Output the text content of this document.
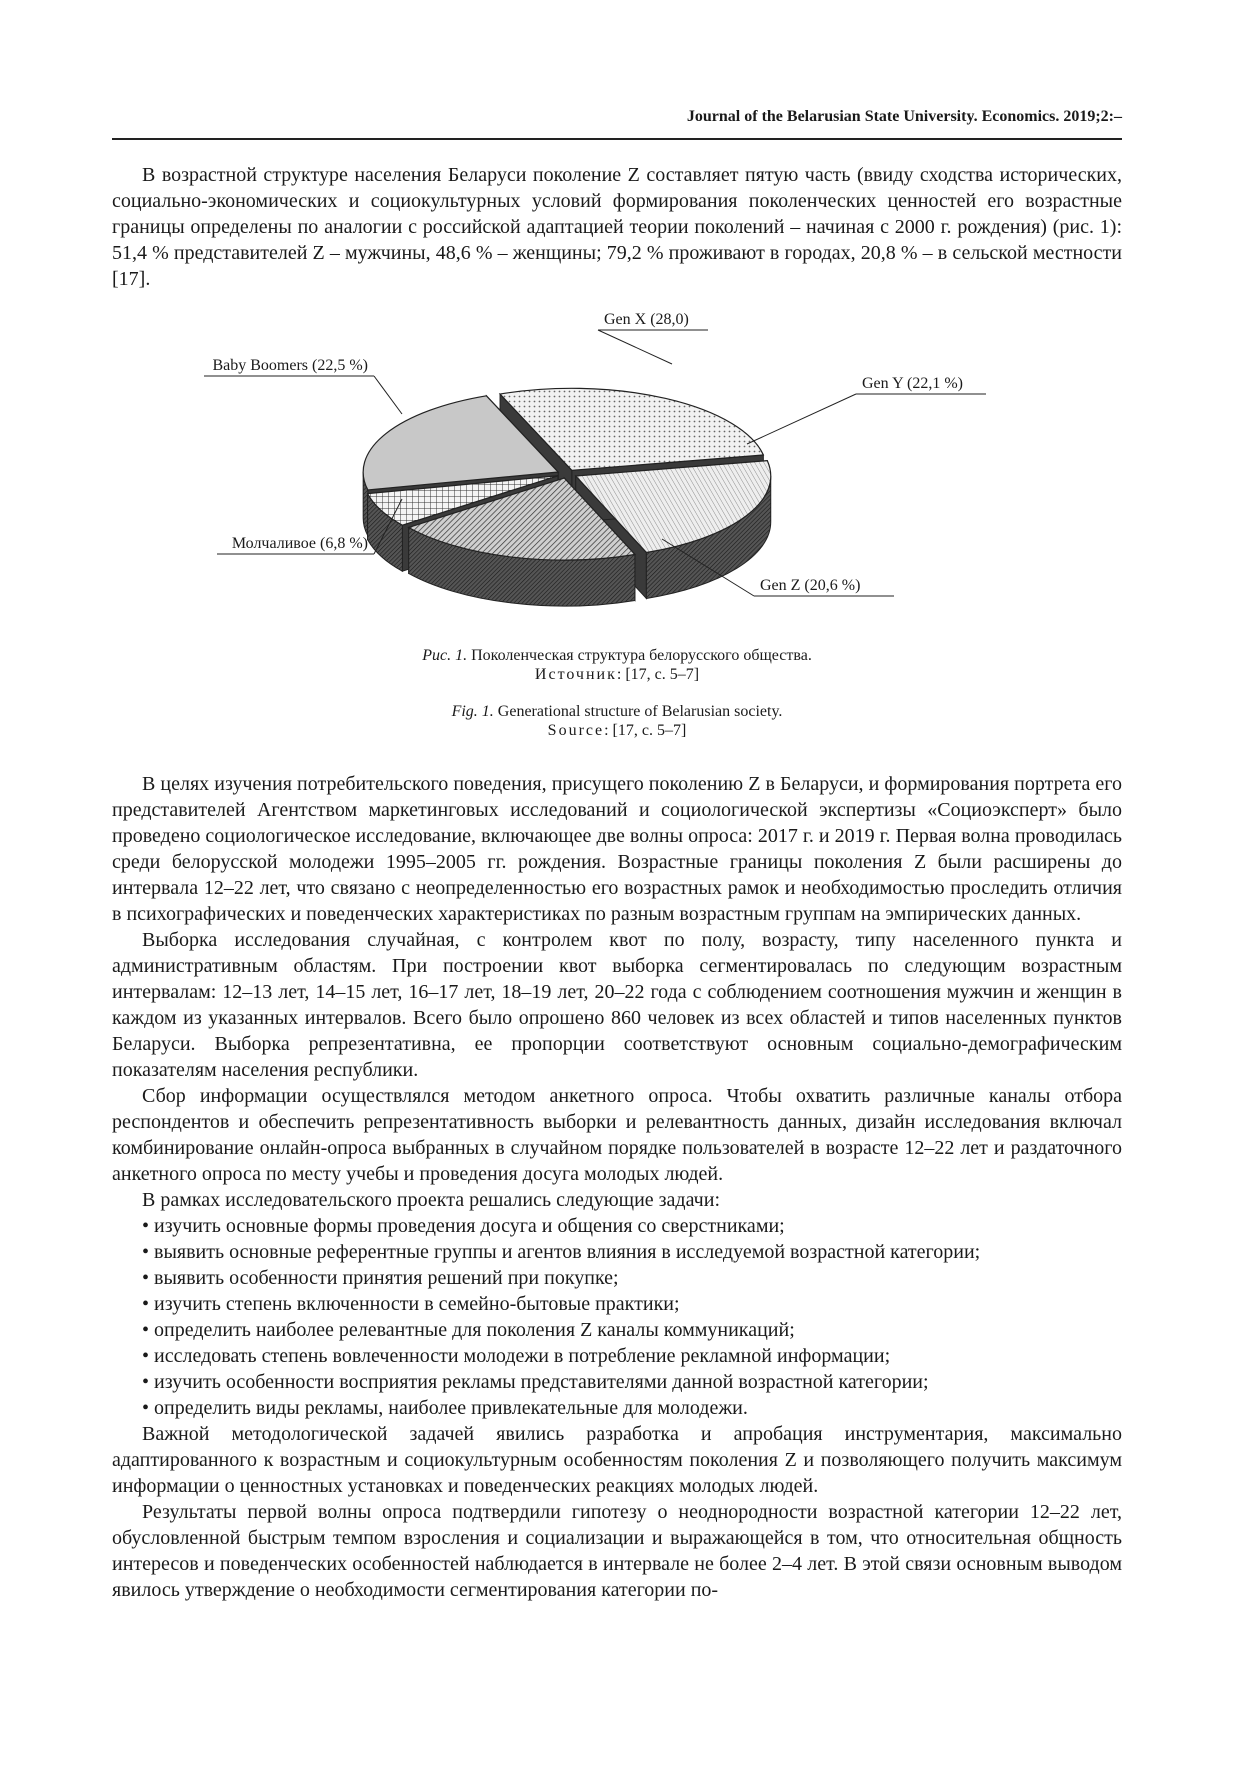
Journal of the Belarusian State University. Economics. 2019;2:–

В возрастной структуре населения Беларуси поколение Z составляет пятую часть (ввиду сходства исторических, социально-экономических и социокультурных условий формирования поколенческих ценностей его возрастные границы определены по аналогии с российской адаптацией теории поколений – начиная с 2000 г. рождения) (рис. 1): 51,4 % представителей Z – мужчины, 48,6 % – женщины; 79,2 % проживают в городах, 20,8 % – в сельской местности [17].

Gen X (28,0)
Gen Y (22,1 %)
Gen Z (20,6 %)
Молчаливое (6,8 %)
Baby Boomers (22,5 %)
Рис. 1. Поколенческая структура белорусского общества.
Источник: [17, с. 5–7]
Fig. 1. Generational structure of Belarusian society.
Source: [17, с. 5–7]

В целях изучения потребительского поведения, присущего поколению Z в Беларуси, и формирования портрета его представителей Агентством маркетинговых исследований и социологической экспертизы «Социоэксперт» было проведено социологическое исследование, включающее две волны опроса: 2017 г. и 2019 г. Первая волна проводилась среди белорусской молодежи 1995–2005 гг. рождения. Возрастные границы поколения Z были расширены до интервала 12–22 лет, что связано с неопределенностью его возрастных рамок и необходимостью проследить отличия в психографических и поведенческих характеристиках по разным возрастным группам на эмпирических данных.

Выборка исследования случайная, с контролем квот по полу, возрасту, типу населенного пункта и административным областям. При построении квот выборка сегментировалась по следующим возрастным интервалам: 12–13 лет, 14–15 лет, 16–17 лет, 18–19 лет, 20–22 года с соблюдением соотношения мужчин и женщин в каждом из указанных интервалов. Всего было опрошено 860 человек из всех областей и типов населенных пунктов Беларуси. Выборка репрезентативна, ее пропорции соответствуют основным социально-демографическим показателям населения республики.

Сбор информации осуществлялся методом анкетного опроса. Чтобы охватить различные каналы отбора респондентов и обеспечить репрезентативность выборки и релевантность данных, дизайн исследования включал комбинирование онлайн-опроса выбранных в случайном порядке пользователей в возрасте 12–22 лет и раздаточного анкетного опроса по месту учебы и проведения досуга молодых людей.

В рамках исследовательского проекта решались следующие задачи:

• изучить основные формы проведения досуга и общения со сверстниками;
• выявить основные референтные группы и агентов влияния в исследуемой возрастной категории;
• выявить особенности принятия решений при покупке;
• изучить степень включенности в семейно-бытовые практики;
• определить наиболее релевантные для поколения Z каналы коммуникаций;
• исследовать степень вовлеченности молодежи в потребление рекламной информации;
• изучить особенности восприятия рекламы представителями данной возрастной категории;
• определить виды рекламы, наиболее привлекательные для молодежи.

Важной методологической задачей явились разработка и апробация инструментария, максимально адаптированного к возрастным и социокультурным особенностям поколения Z и позволяющего получить максимум информации о ценностных установках и поведенческих реакциях молодых людей.

Результаты первой волны опроса подтвердили гипотезу о неоднородности возрастной категории 12–22 лет, обусловленной быстрым темпом взросления и социализации и выражающейся в том, что относительная общность интересов и поведенческих особенностей наблюдается в интервале не более 2–4 лет. В этой связи основным выводом явилось утверждение о необходимости сегментирования категории по-
